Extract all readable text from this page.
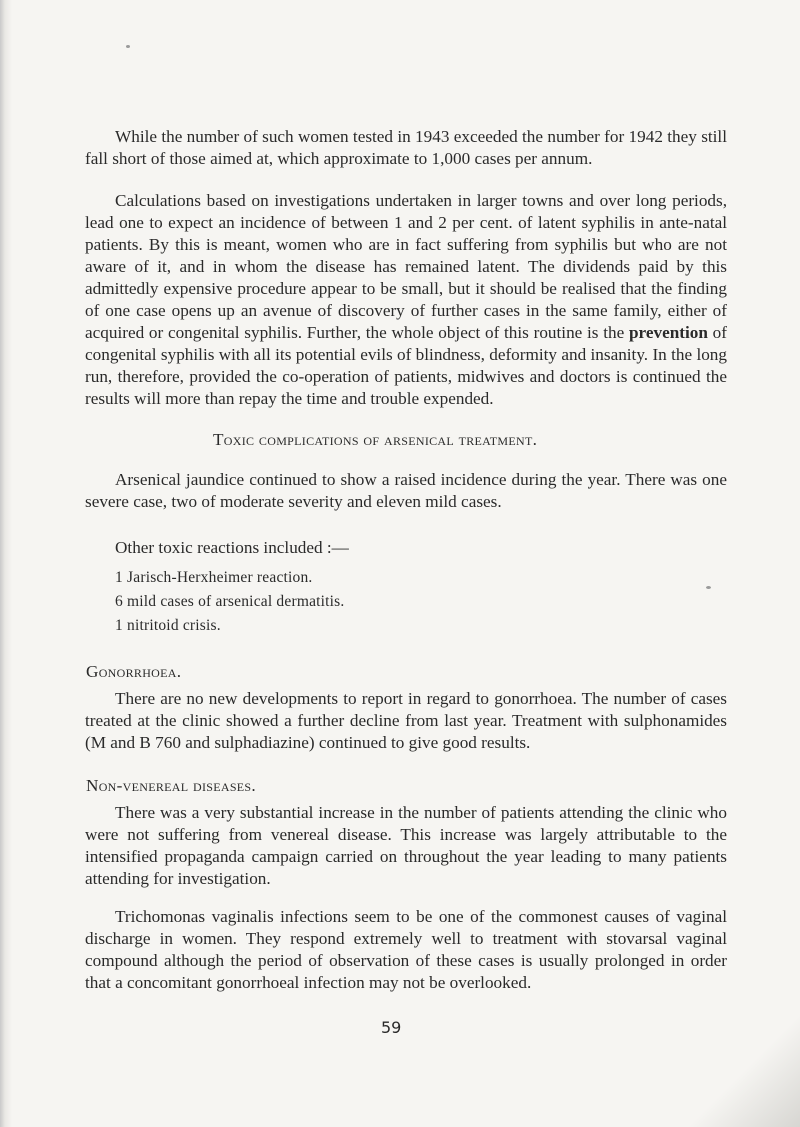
While the number of such women tested in 1943 exceeded the number for 1942 they still fall short of those aimed at, which approximate to 1,000 cases per annum.

Calculations based on investigations undertaken in larger towns and over long periods, lead one to expect an incidence of between 1 and 2 per cent. of latent syphilis in ante-natal patients. By this is meant, women who are in fact suffering from syphilis but who are not aware of it, and in whom the disease has remained latent. The dividends paid by this admittedly expensive procedure appear to be small, but it should be realised that the finding of one case opens up an avenue of discovery of further cases in the same family, either of acquired or congenital syphilis. Further, the whole object of this routine is the prevention of congenital syphilis with all its potential evils of blindness, deformity and insanity. In the long run, therefore, provided the co-operation of patients, midwives and doctors is continued the results will more than repay the time and trouble expended.

Toxic complications of arsenical treatment.

Arsenical jaundice continued to show a raised incidence during the year. There was one severe case, two of moderate severity and eleven mild cases.

Other toxic reactions included :—

1 Jarisch-Herxheimer reaction.
6 mild cases of arsenical dermatitis.
1 nitritoid crisis.

Gonorrhoea.

There are no new developments to report in regard to gonorrhoea. The number of cases treated at the clinic showed a further decline from last year. Treatment with sulphonamides (M and B 760 and sulphadiazine) continued to give good results.

Non-venereal diseases.

There was a very substantial increase in the number of patients attending the clinic who were not suffering from venereal disease. This increase was largely attributable to the intensified propaganda campaign carried on throughout the year leading to many patients attending for investigation.

Trichomonas vaginalis infections seem to be one of the commonest causes of vaginal discharge in women. They respond extremely well to treatment with stovarsal vaginal compound although the period of observation of these cases is usually prolonged in order that a concomitant gonorrhoeal infection may not be overlooked.

59
